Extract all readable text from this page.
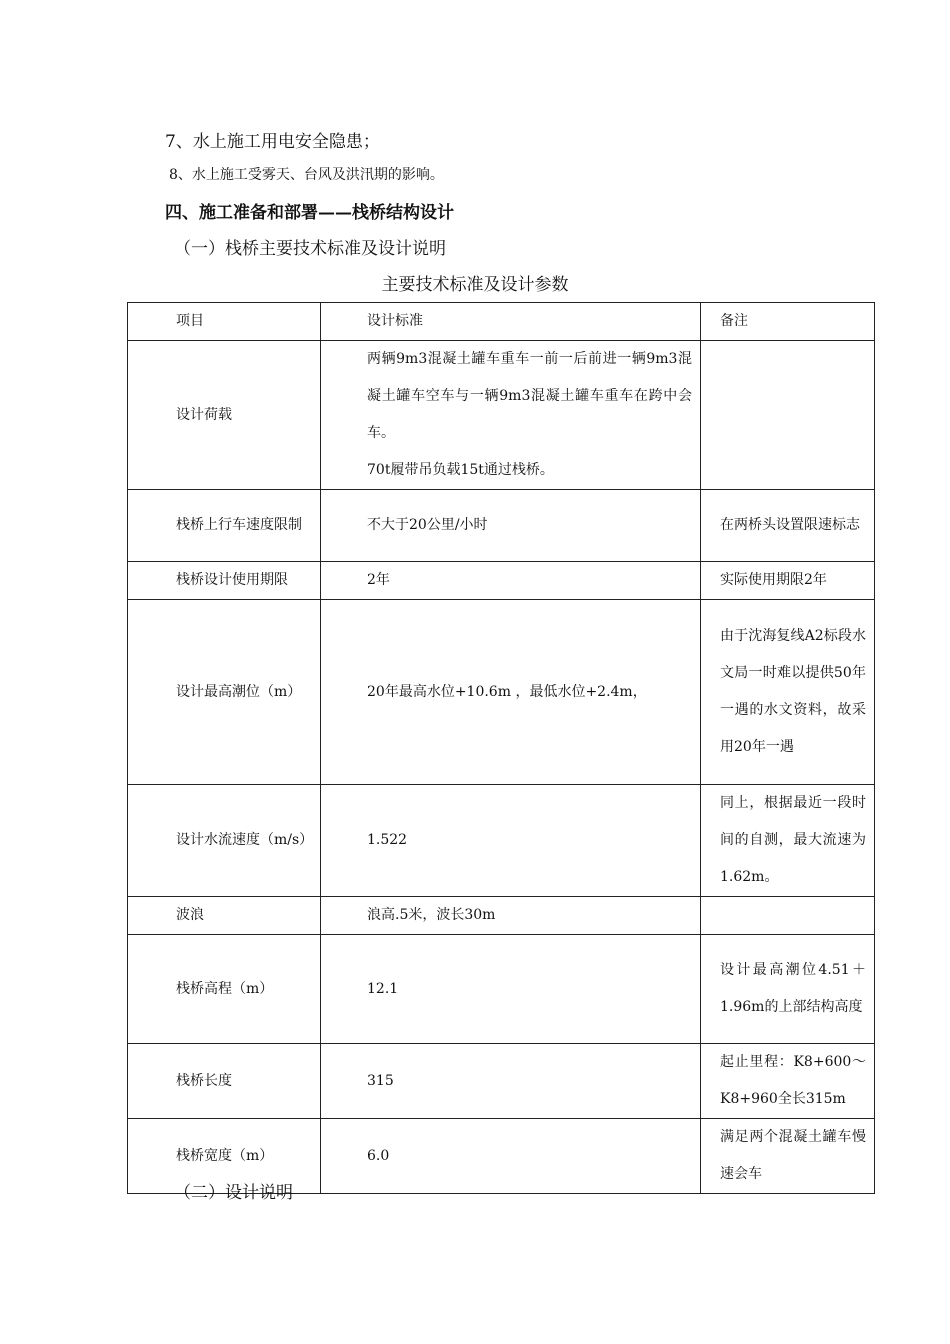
7、水上施工用电安全隐患；
8、水上施工受雾天、台风及洪汛期的影响。
四、施工准备和部署——栈桥结构设计
（一）栈桥主要技术标准及设计说明
主要技术标准及设计参数
项目	设计标准	备注
设计荷载	两辆9m3混凝土罐车重车一前一后前进一辆9m3混凝土罐车空车与一辆9m3混凝土罐车重车在跨中会车。
70t履带吊负载15t通过栈桥。	

栈桥上行车速度限制	不大于20公里/小时	在两桥头设置限速标志
栈桥设计使用期限	2年	实际使用期限2年
设计最高潮位（m）	20年最高水位+10.6m ，最低水位+2.4m，	由于沈海复线A2标段水文局一时难以提供50年一遇的水文资料，故采用20年一遇
设计水流速度（m/s）	1.522	同上，根据最近一段时间的自测，最大流速为1.62m。
波浪	浪高.5米，波长30m	
栈桥高程（m）	12.1	设计最高潮位4.51＋1.96m的上部结构高度
栈桥长度	315	起止里程：K8+600～K8+960全长315m
栈桥宽度（m）	6.0	满足两个混凝土罐车慢速会车
（二）设计说明
